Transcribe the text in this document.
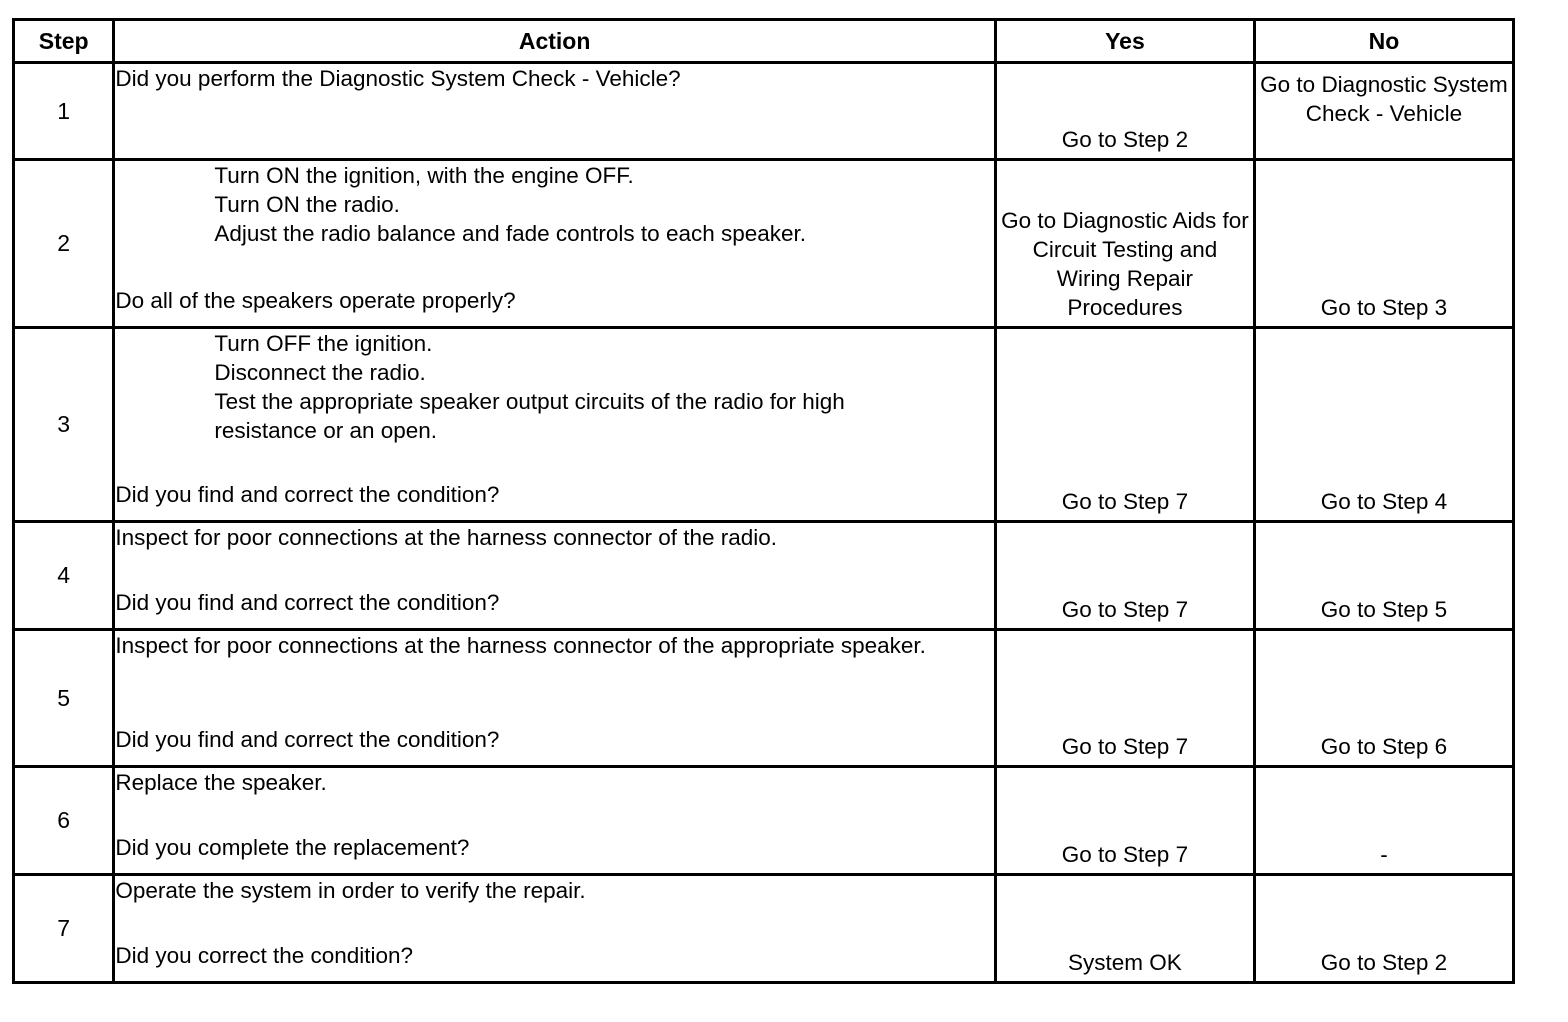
Step	Action	Yes	No
1	Did you perform the Diagnostic System Check - Vehicle?	Go to Step 2	Go to Diagnostic System Check - Vehicle
2	Turn ON the ignition, with the engine OFF.
Turn ON the radio.
Adjust the radio balance and fade controls to each speaker.
Do all of the speakers operate properly?	Go to Diagnostic Aids for Circuit Testing and Wiring Repair Procedures	Go to Step 3
3	Turn OFF the ignition.
Disconnect the radio.
Test the appropriate speaker output circuits of the radio for high resistance or an open.
Did you find and correct the condition?	Go to Step 7	Go to Step 4
4	Inspect for poor connections at the harness connector of the radio.
Did you find and correct the condition?	Go to Step 7	Go to Step 5
5	Inspect for poor connections at the harness connector of the appropriate speaker.
Did you find and correct the condition?	Go to Step 7	Go to Step 6
6	Replace the speaker.
Did you complete the replacement?	Go to Step 7	-
7	Operate the system in order to verify the repair.
Did you correct the condition?	System OK	Go to Step 2
